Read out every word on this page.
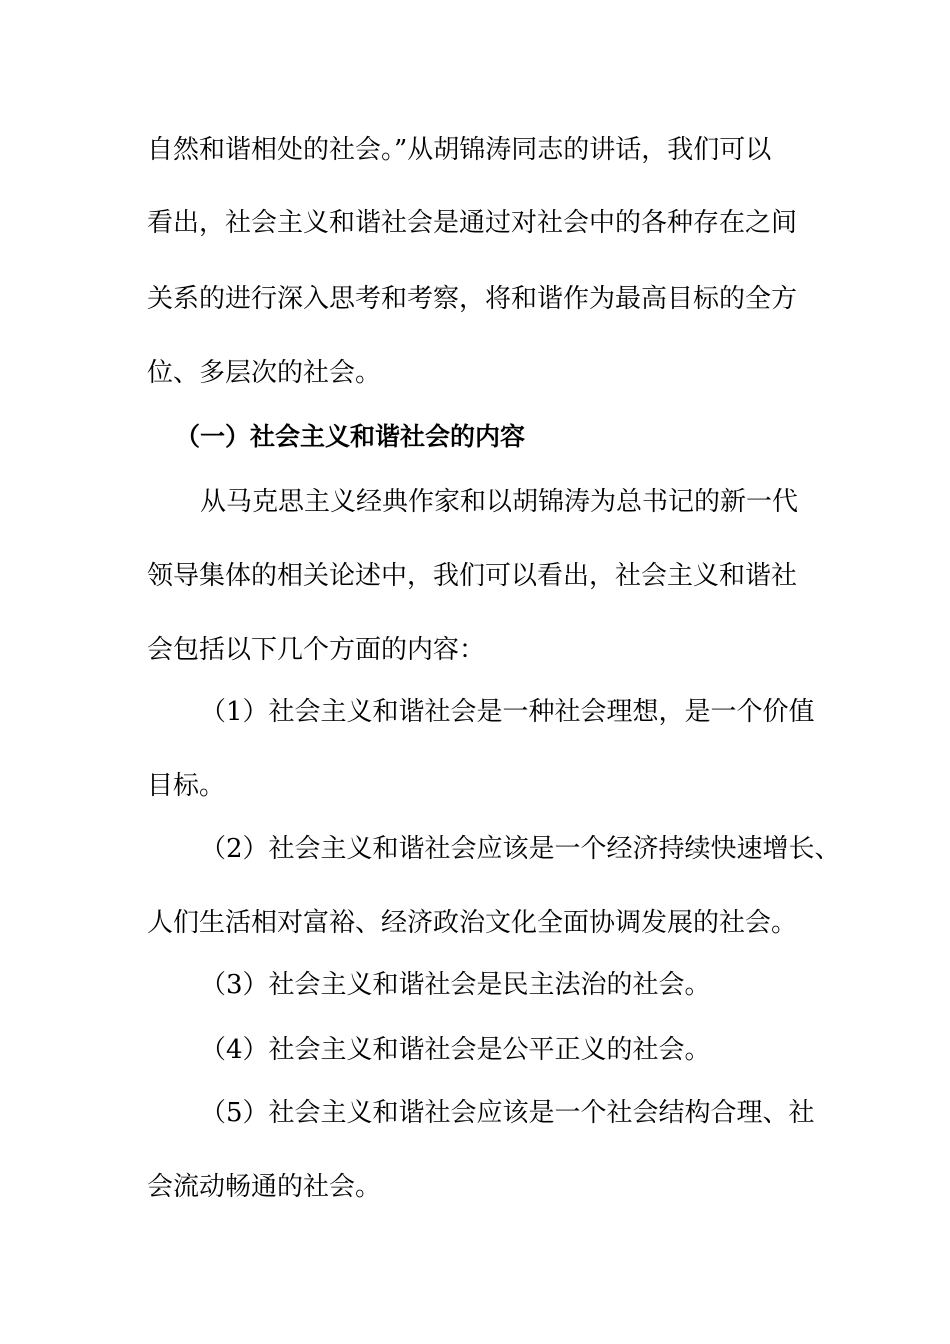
自然和谐相处的社会。”从胡锦涛同志的讲话，我们可以
看出，社会主义和谐社会是通过对社会中的各种存在之间
关系的进行深入思考和考察，将和谐作为最高目标的全方
位、多层次的社会。
（一）社会主义和谐社会的内容
从马克思主义经典作家和以胡锦涛为总书记的新一代
领导集体的相关论述中，我们可以看出，社会主义和谐社
会包括以下几个方面的内容：
（1）社会主义和谐社会是一种社会理想，是一个价值
目标。
（2）社会主义和谐社会应该是一个经济持续快速增长、
人们生活相对富裕、经济政治文化全面协调发展的社会。
（3）社会主义和谐社会是民主法治的社会。
（4）社会主义和谐社会是公平正义的社会。
（5）社会主义和谐社会应该是一个社会结构合理、社
会流动畅通的社会。
